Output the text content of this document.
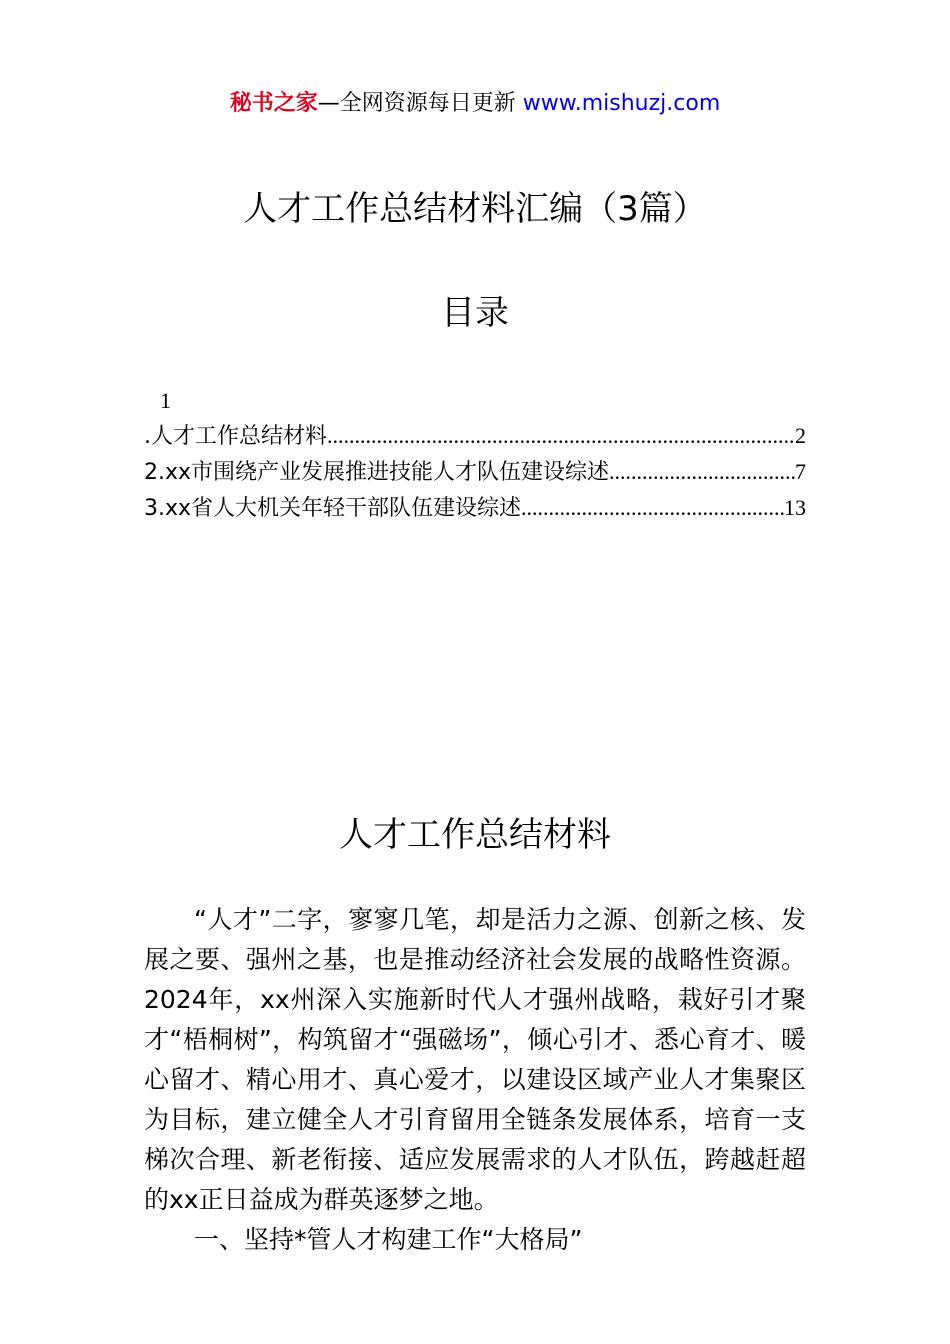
秘书之家—全网资源每日更新 www.mishuzj.com
人才工作总结材料汇编（3篇）
目录
1
.人才工作总结材料 .....	2
2.xx市围绕产业发展推进技能人才队伍建设综述 .....	7
3.xx省人大机关年轻干部队伍建设综述 .....	13
人才工作总结材料

“人才”二字，寥寥几笔，却是活力之源、创新之核、发展之要、强州之基，也是推动经济社会发展的战略性资源。2024年，xx州深入实施新时代人才强州战略，栽好引才聚才“梧桐树”，构筑留才“强磁场”，倾心引才、悉心育才、暖心留才、精心用才、真心爱才，以建设区域产业人才集聚区为目标，建立健全人才引育留用全链条发展体系，培育一支梯次合理、新老衔接、适应发展需求的人才队伍，跨越赶超的xx正日益成为群英逐梦之地。

一、坚持*管人才构建工作“大格局”
